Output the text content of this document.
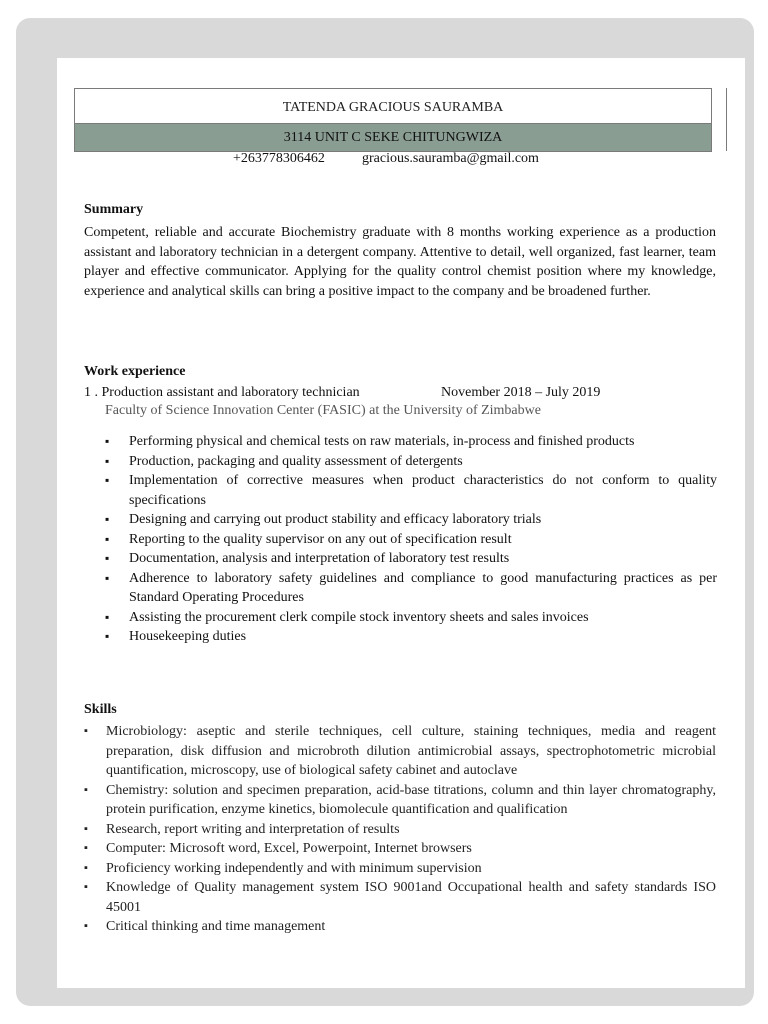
TATENDA GRACIOUS SAURAMBA
3114 UNIT C SEKE CHITUNGWIZA
+263778306462	gracious.sauramba@gmail.com
Summary
Competent, reliable and accurate Biochemistry graduate with 8 months working experience as a production assistant and laboratory technician in a detergent company. Attentive to detail, well organized, fast learner, team player and effective communicator. Applying for the quality control chemist position where my knowledge, experience and analytical skills can bring a positive impact to the company and be broadened further.
Work experience
1 . Production assistant and laboratory technician	November 2018 – July 2019
Faculty of Science Innovation Center (FASIC) at the University of Zimbabwe
▪ Performing physical and chemical tests on raw materials, in-process and finished products
▪ Production, packaging and quality assessment of detergents
▪ Implementation of corrective measures when product characteristics do not conform to quality specifications
▪ Designing and carrying out product stability and efficacy laboratory trials
▪ Reporting to the quality supervisor on any out of specification result
▪ Documentation, analysis and interpretation of laboratory test results
▪ Adherence to laboratory safety guidelines and compliance to good manufacturing practices as per Standard Operating Procedures
▪ Assisting the procurement clerk compile stock inventory sheets and sales invoices
▪ Housekeeping duties
Skills
▪ Microbiology: aseptic and sterile techniques, cell culture, staining techniques, media and reagent preparation, disk diffusion and microbroth dilution antimicrobial assays, spectrophotometric microbial quantification, microscopy, use of biological safety cabinet and autoclave
▪ Chemistry: solution and specimen preparation, acid-base titrations, column and thin layer chromatography, protein purification, enzyme kinetics, biomolecule quantification and qualification
▪ Research, report writing and interpretation of results
▪ Computer: Microsoft word, Excel, Powerpoint, Internet browsers
▪ Proficiency working independently and with minimum supervision
▪ Knowledge of Quality management system ISO 9001and Occupational health and safety standards ISO 45001
▪ Critical thinking and time management
